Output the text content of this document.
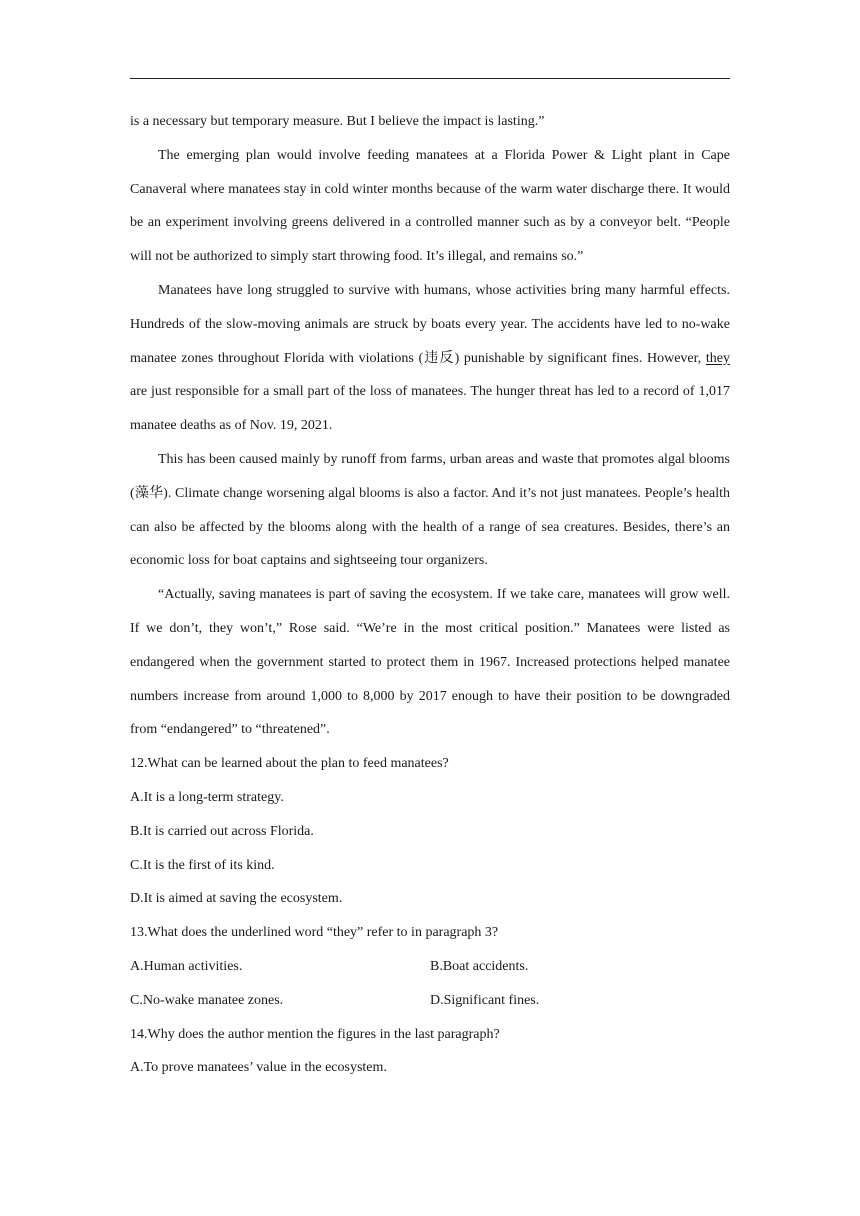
is a necessary but temporary measure. But I believe the impact is lasting.”

The emerging plan would involve feeding manatees at a Florida Power & Light plant in Cape Canaveral where manatees stay in cold winter months because of the warm water discharge there. It would be an experiment involving greens delivered in a controlled manner such as by a conveyor belt. “People will not be authorized to simply start throwing food. It’s illegal, and remains so.”

Manatees have long struggled to survive with humans, whose activities bring many harmful effects. Hundreds of the slow-moving animals are struck by boats every year. The accidents have led to no-wake manatee zones throughout Florida with violations (违反) punishable by significant fines. However, they are just responsible for a small part of the loss of manatees. The hunger threat has led to a record of 1,017 manatee deaths as of Nov. 19, 2021.

This has been caused mainly by runoff from farms, urban areas and waste that promotes algal blooms (藻华). Climate change worsening algal blooms is also a factor. And it’s not just manatees. People’s health can also be affected by the blooms along with the health of a range of sea creatures. Besides, there’s an economic loss for boat captains and sightseeing tour organizers.

“Actually, saving manatees is part of saving the ecosystem. If we take care, manatees will grow well. If we don’t, they won’t,” Rose said. “We’re in the most critical position.” Manatees were listed as endangered when the government started to protect them in 1967. Increased protections helped manatee numbers increase from around 1,000 to 8,000 by 2017 enough to have their position to be downgraded from “endangered” to “threatened”.

12.What can be learned about the plan to feed manatees?
A.It is a long-term strategy.
B.It is carried out across Florida.
C.It is the first of its kind.
D.It is aimed at saving the ecosystem.
13.What does the underlined word “they” refer to in paragraph 3?
A.Human activities.	B.Boat accidents.
C.No-wake manatee zones.	D.Significant fines.
14.Why does the author mention the figures in the last paragraph?
A.To prove manatees’ value in the ecosystem.
